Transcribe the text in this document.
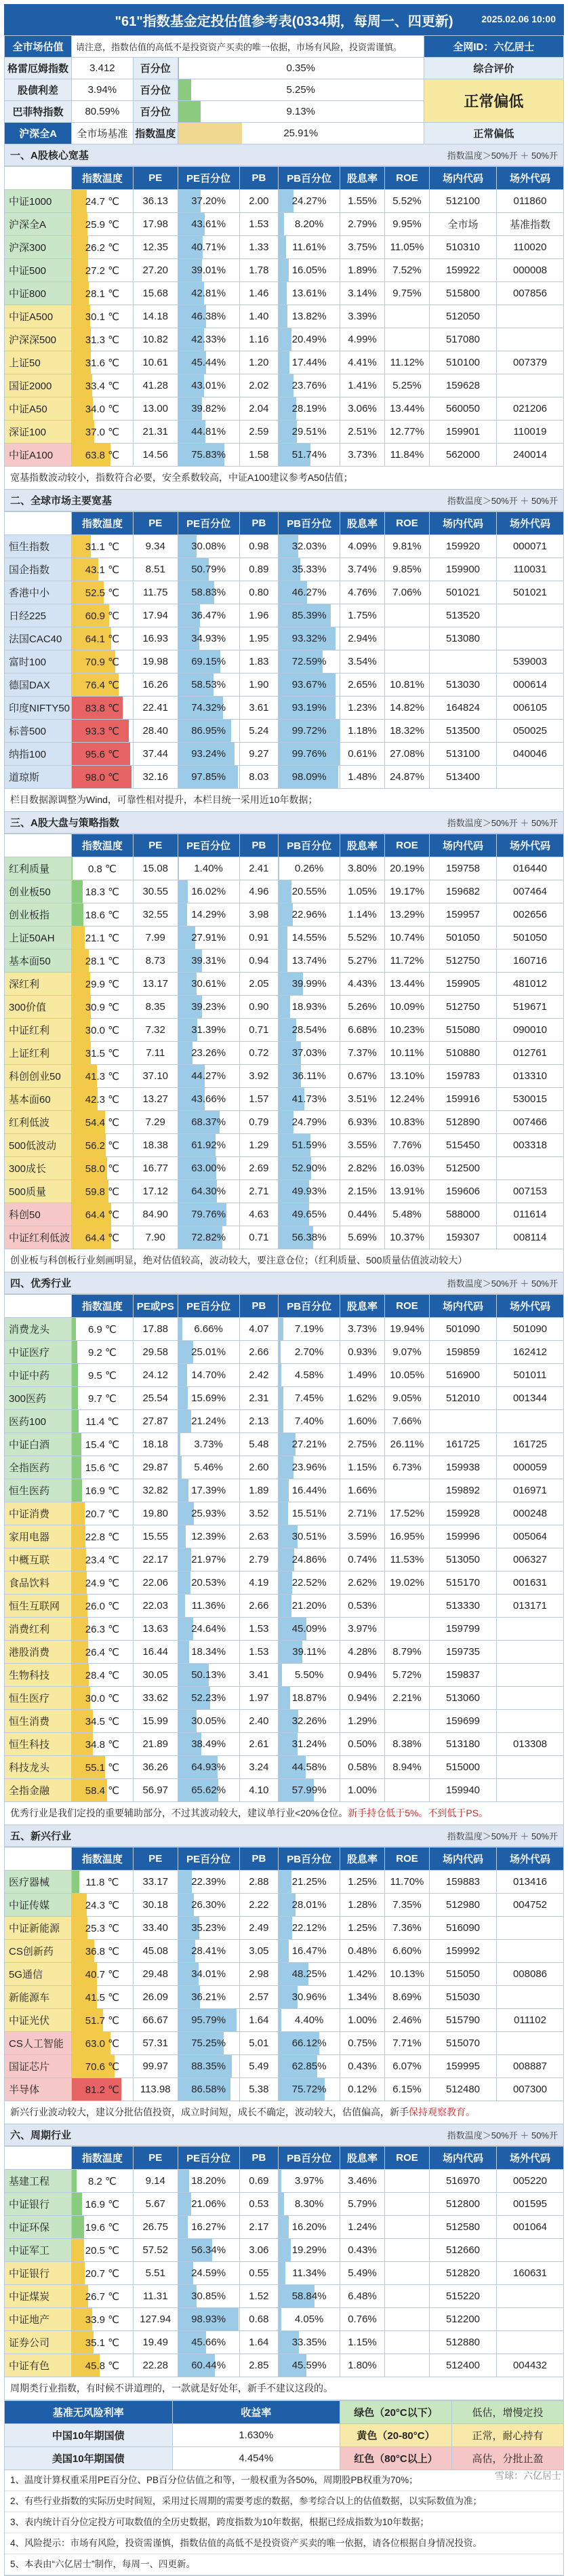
"61"指数基金定投估值参考表(0334期，每周一、四更新)	2025.02.06 10:00
全市场估值	请注意，指数估值的高低不是投资资产买卖的唯一依据，市场有风险，投资需谨慎。			全网ID：六亿居士
格雷厄姆指数	3.412	百分位	0.35%	综合评价
股债利差	3.94%	百分位	5.25%	正常偏低
巴菲特指数	80.59%	百分位	9.13%	
沪深全A	全市场基准	指数温度	25.91%	正常偏低
一、A股核心宽基	指数温度＞50%开 ＋ 50%开
	指数温度	PE	PE百分位	PB	PB百分位	股息率	ROE	场内代码	场外代码
中证1000	24.7 ℃	36.13	37.20%	2.00	24.27%	1.55%	5.52%	512100	011860
沪深全A	25.9 ℃	17.98	43.61%	1.53	8.20%	2.79%	9.95%	全市场	基准指数
沪深300	26.2 ℃	12.35	40.71%	1.33	11.61%	3.75%	11.05%	510310	110020
中证500	27.2 ℃	27.20	39.01%	1.78	16.05%	1.89%	7.52%	159922	000008
中证800	28.1 ℃	15.68	42.81%	1.46	13.61%	3.14%	9.75%	515800	007856
中证A500	30.1 ℃	14.18	46.38%	1.40	13.82%	3.39%		512050	
沪深深500	31.3 ℃	10.82	42.33%	1.16	20.49%	4.99%		517080	
上证50	31.6 ℃	10.61	45.44%	1.20	17.44%	4.41%	11.12%	510100	007379
国证2000	33.4 ℃	41.28	43.01%	2.02	23.76%	1.41%	5.25%	159628	
中证A50	34.0 ℃	13.00	39.82%	2.04	28.19%	3.06%	13.44%	560050	021206
深证100	37.0 ℃	21.31	44.81%	2.59	29.51%	2.51%	12.77%	159901	110019
中证A100	63.8 ℃	14.56	75.83%	1.58	51.74%	3.73%	11.84%	562000	240014
宽基指数波动较小，指数符合必要，安全系数较高，中证A100建议参考A50估值；
二、全球市场主要宽基	指数温度＞50%开 ＋ 50%开
	指数温度	PE	PE百分位	PB	PB百分位	股息率	ROE	场内代码	场外代码
恒生指数	31.1 ℃	9.34	30.08%	0.98	32.03%	4.09%	9.81%	159920	000071
国企指数	43.1 ℃	8.51	50.79%	0.89	35.33%	3.74%	9.85%	159900	110031
香港中小	52.5 ℃	11.75	58.83%	0.80	46.27%	4.76%	7.06%	501021	501021
日经225	60.9 ℃	17.94	36.47%	1.96	85.39%	1.75%		513520	
法国CAC40	64.1 ℃	16.93	34.93%	1.95	93.32%	2.94%		513080	
富时100	70.9 ℃	19.98	69.15%	1.83	72.59%	3.54%			539003
德国DAX	76.4 ℃	16.26	58.53%	1.90	93.67%	2.65%	10.81%	513030	000614
印度NIFTY50	83.8 ℃	22.41	74.32%	3.61	93.19%	1.23%	14.82%	164824	006105
标普500	93.3 ℃	28.40	86.95%	5.24	99.72%	1.18%	18.32%	513500	050025
纳指100	95.6 ℃	37.44	93.24%	9.27	99.76%	0.61%	27.08%	513100	040046
道琼斯	98.0 ℃	32.16	97.85%	8.03	98.09%	1.48%	24.87%	513400	
栏目数据源调整为Wind，可靠性相对提升，本栏目统一采用近10年数据；
三、A股大盘与策略指数	指数温度＞50%开 ＋ 50%开
	指数温度	PE	PE百分位	PB	PB百分位	股息率	ROE	场内代码	场外代码
红利质量	0.8 ℃	15.08	1.40%	2.41	0.26%	3.80%	20.19%	159758	016440
创业板50	18.3 ℃	30.55	16.02%	4.96	20.55%	1.05%	19.17%	159682	007464
创业板指	18.6 ℃	32.55	14.29%	3.98	22.96%	1.14%	13.29%	159957	002656
上证50AH	21.1 ℃	7.99	27.91%	0.91	14.55%	5.52%	10.74%	501050	501050
基本面50	28.1 ℃	8.73	39.31%	0.94	13.74%	5.27%	11.72%	512750	160716
深红利	29.9 ℃	13.17	30.61%	2.05	39.99%	4.43%	13.44%	159905	481012
300价值	30.9 ℃	8.35	39.23%	0.90	18.93%	5.26%	10.09%	512750	519671
中证红利	30.0 ℃	7.32	31.39%	0.71	28.54%	6.68%	10.23%	515080	090010
上证红利	31.5 ℃	7.11	23.26%	0.72	37.03%	7.37%	10.11%	510880	012761
科创创业50	41.3 ℃	37.10	44.27%	3.92	36.11%	0.67%	13.10%	159783	013310
基本面60	42.3 ℃	13.27	43.66%	1.57	41.73%	3.51%	12.24%	159916	530015
红利低波	54.4 ℃	7.29	68.37%	0.79	24.79%	6.93%	10.83%	512890	007466
500低波动	56.2 ℃	18.38	61.92%	1.29	51.59%	3.55%	7.76%	515450	003318
300成长	58.0 ℃	16.77	63.00%	2.69	52.90%	2.82%	16.03%	512500	
500质量	59.8 ℃	17.12	64.30%	2.71	49.93%	2.15%	13.91%	159606	007153
科创50	64.4 ℃	84.90	79.76%	4.63	49.65%	0.44%	5.48%	588000	011614
中证红利低波	64.4 ℃	7.90	72.82%	0.71	56.38%	5.69%	10.37%	159307	008114
创业板与科创板行业刻画明显，绝对估值较高，波动较大，要注意仓位；（红利质量、500质量估值波动较大）
四、优秀行业	指数温度＞50%开 ＋ 50%开
	指数温度	PE或PS	PE百分位	PB	PB百分位	股息率	ROE	场内代码	场外代码
消费龙头	6.9 ℃	17.88	6.66%	4.07	7.19%	3.73%	19.94%	501090	501090
中证医疗	9.2 ℃	29.58	25.01%	2.66	2.70%	0.93%	9.07%	159859	162412
中证中药	9.5 ℃	24.12	14.70%	2.42	4.58%	1.49%	10.05%	516900	501011
300医药	9.7 ℃	25.54	15.69%	2.31	7.45%	1.62%	9.05%	512010	001344
医药100	11.4 ℃	27.87	21.24%	2.13	7.40%	1.60%	7.66%		
中证白酒	15.4 ℃	18.18	3.73%	5.48	27.21%	2.75%	26.11%	161725	161725
全指医药	15.6 ℃	29.87	5.46%	2.60	23.96%	1.15%	6.73%	159938	000059
恒生医药	16.9 ℃	32.82	17.39%	1.89	16.44%	1.66%		159892	016971
中证消费	20.7 ℃	19.80	25.93%	3.52	15.51%	2.71%	17.52%	159928	000248
家用电器	22.8 ℃	15.55	12.39%	2.63	30.51%	3.59%	16.95%	159996	005064
中概互联	23.4 ℃	22.17	21.97%	2.79	24.86%	0.74%	11.53%	513050	006327
食品饮料	24.9 ℃	22.06	20.53%	4.19	22.52%	2.62%	19.02%	515170	001631
恒生互联网	26.0 ℃	22.03	11.36%	2.66	21.20%	0.53%		513330	013171
消费红利	26.3 ℃	13.63	24.64%	1.53	45.09%	3.97%		159799	
港股消费	26.4 ℃	16.44	18.34%	1.53	39.11%	4.28%	8.79%	159735	
生物科技	28.4 ℃	30.05	50.13%	3.41	5.50%	0.94%	5.72%	159837	
恒生医疗	30.0 ℃	33.62	52.23%	1.97	18.87%	0.94%	2.21%	513060	
恒生消费	34.5 ℃	15.99	30.05%	2.40	32.26%	1.29%		159699	
恒生科技	34.8 ℃	21.89	38.49%	2.61	31.24%	0.50%	8.38%	513180	013308
科技龙头	55.1 ℃	36.26	64.93%	3.24	44.58%	0.58%	8.94%	515000	
全指金融	58.4 ℃	56.97	65.62%	4.10	57.99%	1.00%		159940	
优秀行业是我们定投的重要辅助部分，不过其波动较大，建议单行业<20%仓位。新手持仓低于5%。不到低于PS。
五、新兴行业	指数温度＞50%开 ＋ 50%开
	指数温度	PE	PE百分位	PB	PB百分位	股息率	ROE	场内代码	场外代码
医疗器械	11.8 ℃	33.17	22.39%	2.88	21.25%	1.25%	11.70%	159883	013416
中证传媒	24.3 ℃	30.18	26.30%	2.22	28.01%	1.28%	7.35%	512980	004752
中证新能源	25.3 ℃	33.40	35.23%	2.49	22.12%	1.25%	7.36%	516090	
CS创新药	36.8 ℃	45.08	28.41%	3.05	16.47%	0.48%	6.60%	159992	
5G通信	40.7 ℃	29.48	34.01%	2.98	48.25%	1.42%	10.13%	515050	008086
新能源车	41.5 ℃	26.09	36.21%	2.57	30.96%	1.34%	8.69%	515030	
中证光伏	51.7 ℃	66.67	95.79%	1.64	4.40%	1.00%	2.46%	515790	011102
CS人工智能	63.0 ℃	57.31	75.25%	5.01	66.12%	0.75%	7.71%	515070	
国证芯片	70.6 ℃	99.97	88.35%	5.49	62.85%	0.43%	6.07%	159995	008887
半导体	81.2 ℃	113.98	86.58%	5.38	75.72%	0.12%	6.15%	512480	007300
新兴行业波动较大，建议分批估值投资，成立时间短，成长不确定，波动较大，估值偏高，新手保持观察教育。
六、周期行业	指数温度＞50%开 ＋ 50%开
	指数温度	PE	PE百分位	PB	PB百分位	股息率	ROE	场内代码	场外代码
基建工程	8.2 ℃	9.14	18.20%	0.69	3.97%	3.46%		516970	005220
中证银行	16.9 ℃	5.67	21.06%	0.53	8.30%	5.79%		512800	001595
中证环保	19.6 ℃	26.75	16.27%	2.17	16.20%	1.24%		512580	001064
中证军工	20.5 ℃	57.52	56.34%	3.06	19.29%	0.43%		512660	
中证银行	20.7 ℃	5.51	24.59%	0.55	11.34%	5.49%		512820	160631
中证煤炭	26.7 ℃	11.31	30.85%	1.52	58.84%	6.48%		515220	
中证地产	33.9 ℃	127.94	98.93%	0.68	4.05%	0.76%		512200	
证券公司	35.1 ℃	19.49	45.66%	1.64	33.35%	1.15%		512880	
中证有色	45.8 ℃	22.28	60.44%	2.85	45.59%	1.80%		512400	004432
周期类行业指数，有时候不讲道理的，一款就是好处年，新手不建议这段的。
基准无风险利率	收益率	绿色（20°C以下）	低估，增慢定投
中国10年期国债	1.630%	黄色（20-80°C）	正常，耐心持有
美国10年期国债	4.454%	红色（80°C以上）	高估，分批止盈
1、温度计算权重采用PE百分位、PB百分位估值之和等，一般权重为各50%，周期股PB权重为70%；
2、有些行业指数的实际历史时间短，采用过长周期的需要考虑的数据，参考综合以上的估值数据，以实际数值为准；
3、表内统计百分位定投方可取数值的全历史数据，跨度指数为10年数据，根据已经成指数为10年数据；
4、风险提示：市场有风险，投资需谨慎，指数估值的高低不是投资资产买卖的唯一依据，请各位根据自身情况投资。
5、本表由“六亿居士”制作，每周一、四更新。
雪球：六亿居士
